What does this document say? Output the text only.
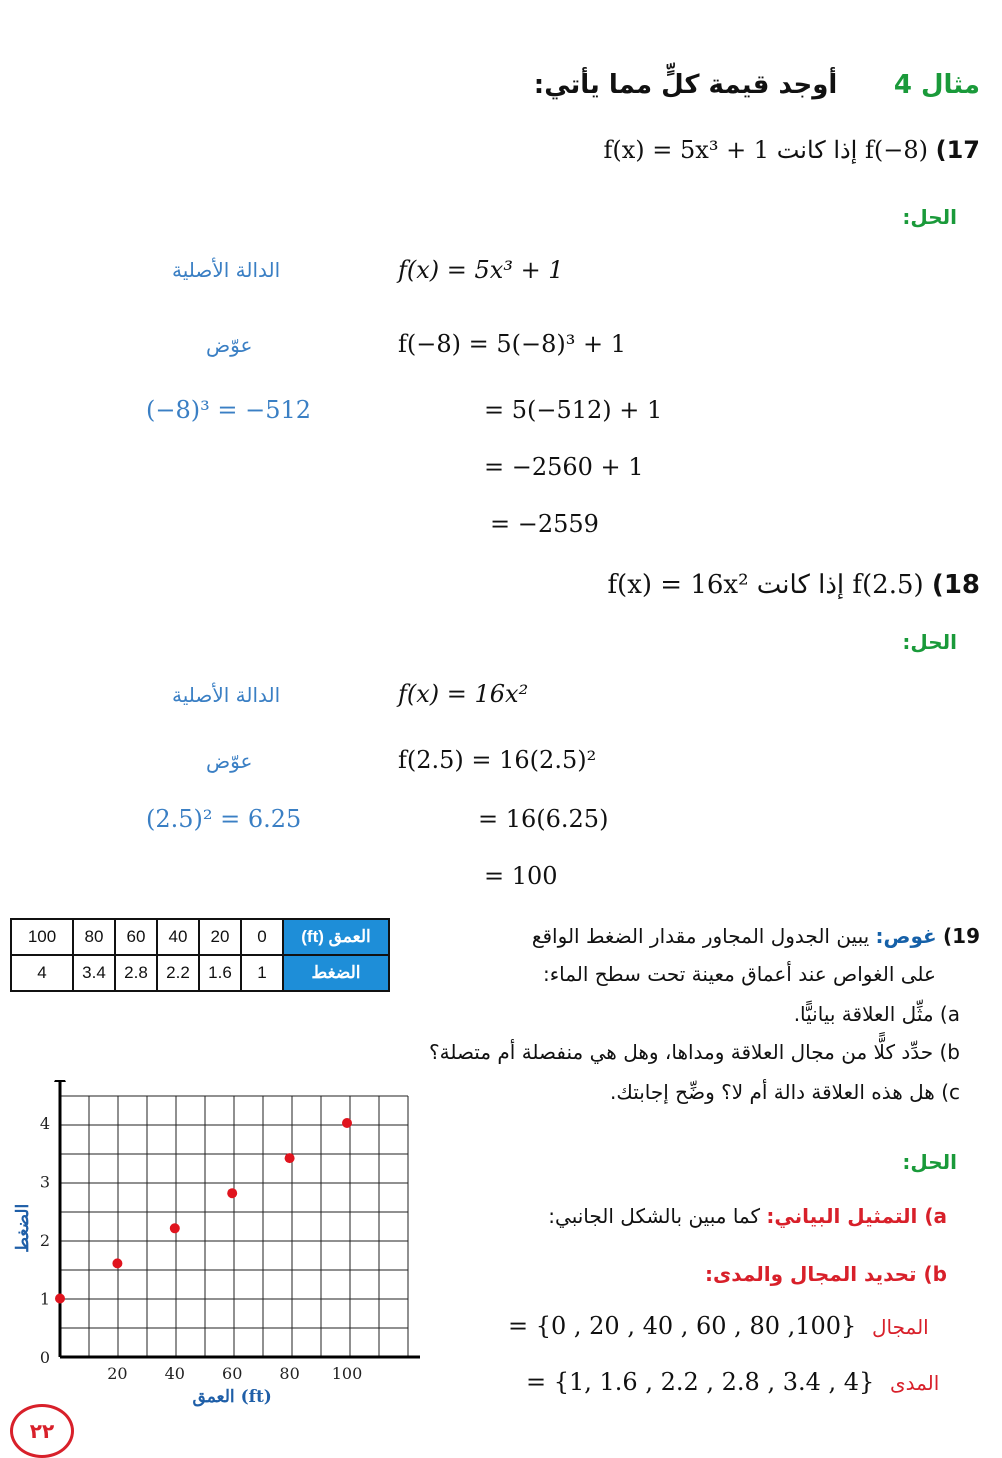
مثال 4  أوجد قيمة كلٍّ مما يأتي:
17) f(−8) إذا كانت f(x) = 5x³ + 1
الحل:
الدالة الأصلية	f(x) = 5x³ + 1
عوّض	f(−8) = 5(−8)³ + 1
(−8)³ = −512	= 5(−512) + 1
= −2560 + 1
= −2559
18) f(2.5) إذا كانت f(x) = 16x²
الحل:
الدالة الأصلية	f(x) = 16x²
عوّض	f(2.5) = 16(2.5)²
(2.5)² = 6.25	= 16(6.25)
= 100
العمق (ft)	0	20	40	60	80	100
الضغط	1	1.6	2.2	2.8	3.4	4
19) غوص: يبين الجدول المجاور مقدار الضغط الواقع
على الغواص عند أعماق معينة تحت سطح الماء:
a) مثِّل العلاقة بيانيًّا.
b) حدِّد كلًّا من مجال العلاقة ومداها، وهل هي منفصلة أم متصلة؟
c) هل هذه العلاقة دالة أم لا؟ وضِّح إجابتك.
الحل:
a) التمثيل البياني: كما مبين بالشكل الجانبي:
b) تحديد المجال والمدى:
= {0 , 20 , 40 , 60 , 80 ,100} المجال
= {1, 1.6 , 2.2 , 2.8 , 3.4 , 4} المدى
20 40 60 80 100
1
2
3
4
0
العمق (ft)
الضغط
٢٢
